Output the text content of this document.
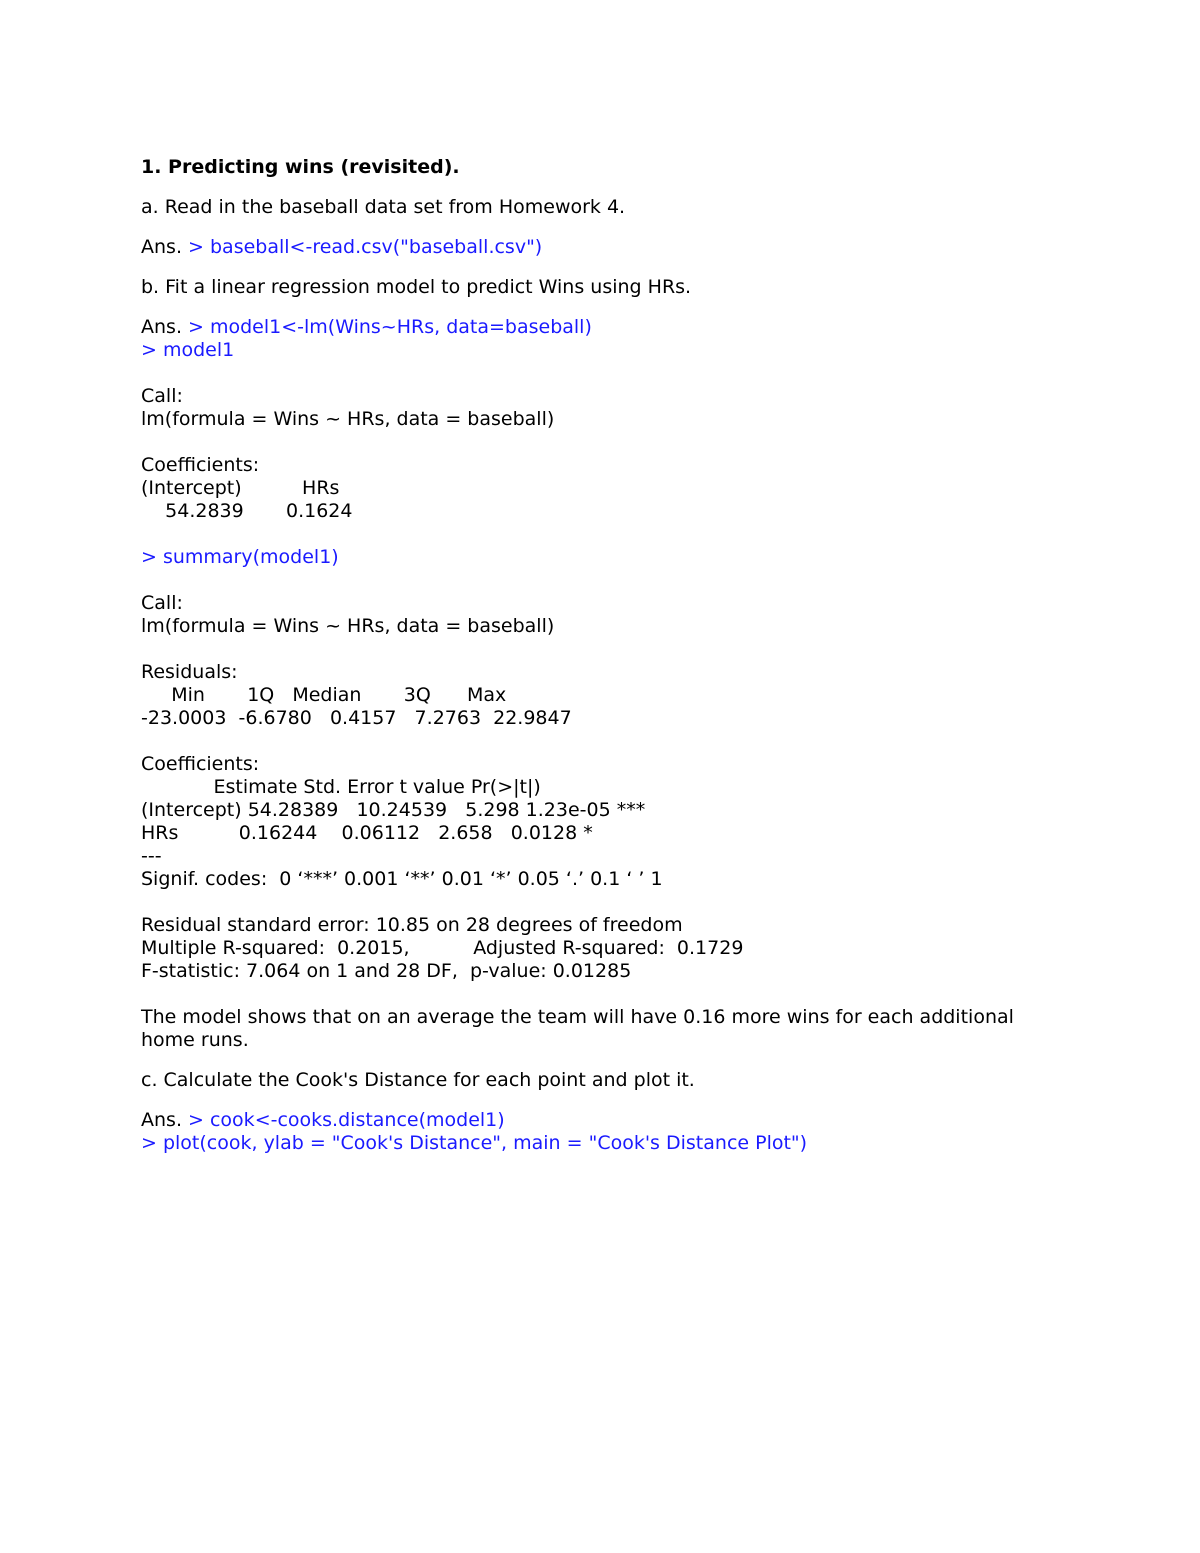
1. Predicting wins (revisited).
a. Read in the baseball data set from Homework 4.
Ans. > baseball<-read.csv("baseball.csv")
b. Fit a linear regression model to predict Wins using HRs.
Ans. > model1<-lm(Wins~HRs, data=baseball)
> model1
Call:
lm(formula = Wins ~ HRs, data = baseball)
Coefficients:
(Intercept)          HRs
54.2839       0.1624
> summary(model1)
Call:
lm(formula = Wins ~ HRs, data = baseball)
Residuals:
Min       1Q   Median       3Q      Max
-23.0003  -6.6780   0.4157   7.2763  22.9847
Coefficients:
Estimate Std. Error t value Pr(>|t|)
(Intercept) 54.28389   10.24539   5.298 1.23e-05 ***
HRs          0.16244    0.06112   2.658   0.0128 *
---
Signif. codes:  0 ‘***’ 0.001 ‘**’ 0.01 ‘*’ 0.05 ‘.’ 0.1 ‘ ’ 1
Residual standard error: 10.85 on 28 degrees of freedom
Multiple R-squared:  0.2015,	Adjusted R-squared:  0.1729
F-statistic: 7.064 on 1 and 28 DF,  p-value: 0.01285
The model shows that on an average the team will have 0.16 more wins for each additional home runs.
c. Calculate the Cook's Distance for each point and plot it.
Ans. > cook<-cooks.distance(model1)
> plot(cook, ylab = "Cook's Distance", main = "Cook's Distance Plot")
